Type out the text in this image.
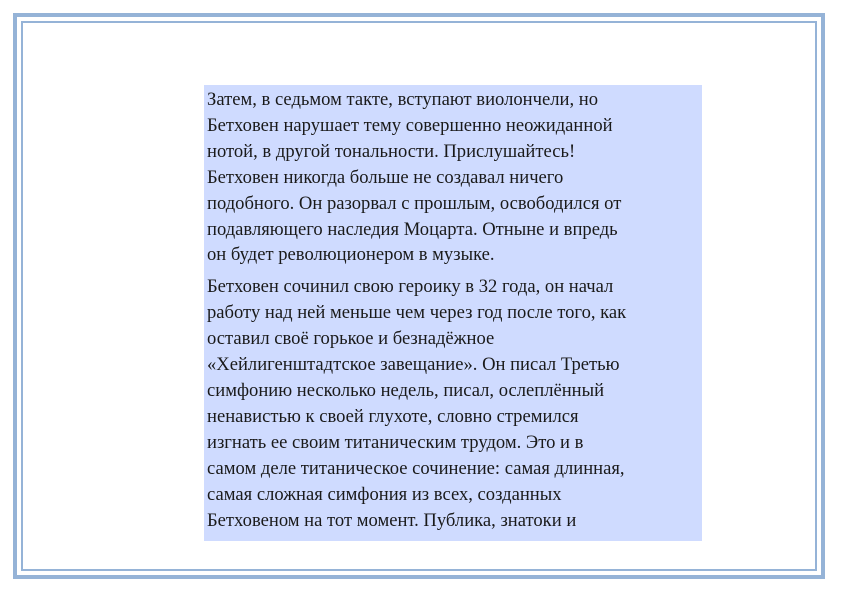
Затем, в седьмом такте, вступают виолончели, но
Бетховен нарушает тему совершенно неожиданной
нотой, в другой тональности. Прислушайтесь!
Бетховен никогда больше не создавал ничего
подобного. Он разорвал с прошлым, освободился от
подавляющего наследия Моцарта. Отныне и впредь
он будет революционером в музыке.

Бетховен сочинил свою героику в 32 года, он начал
работу над ней меньше чем через год после того, как
оставил своё горькое и безнадёжное
«Хейлигенштадтское завещание». Он писал Третью
симфонию несколько недель, писал, ослеплённый
ненавистью к своей глухоте, словно стремился
изгнать ее своим титаническим трудом. Это и в
самом деле титаническое сочинение: самая длинная,
самая сложная симфония из всех, созданных
Бетховеном на тот момент. Публика, знатоки и
